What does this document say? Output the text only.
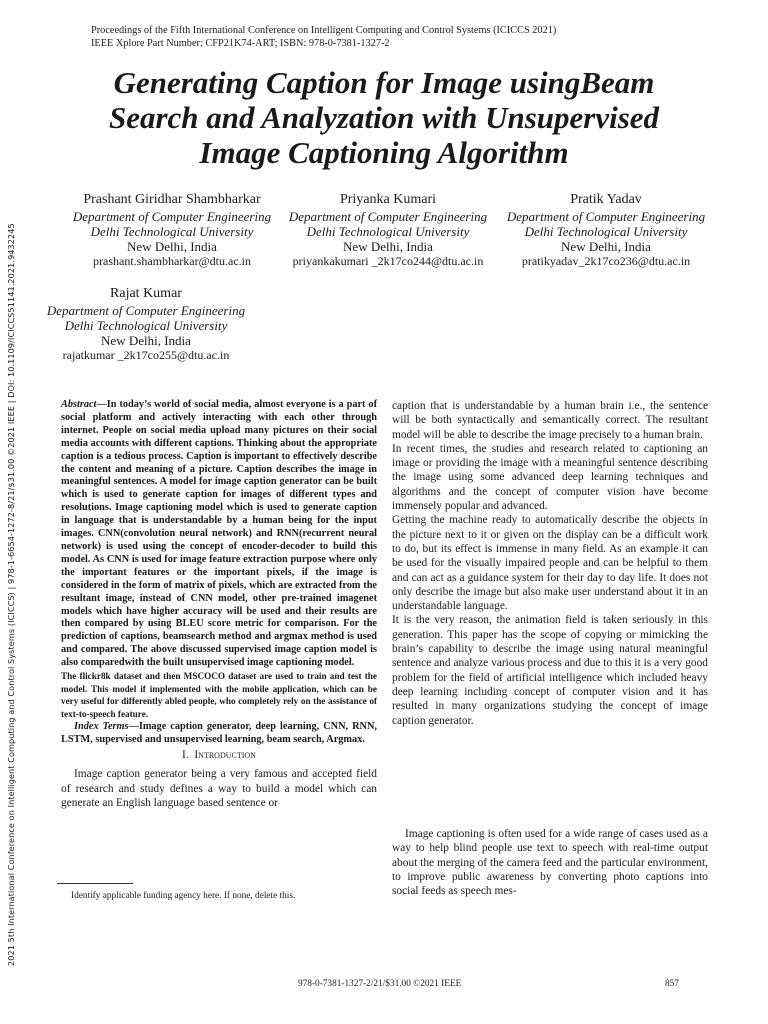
Proceedings of the Fifth International Conference on Intelligent Computing and Control Systems (ICICCS 2021)
IEEE Xplore Part Number: CFP21K74-ART; ISBN: 978-0-7381-1327-2
2021 5th International Conference on Intelligent Computing and Control Systems (ICICCS) | 978-1-6654-1272-8/21/$31.00 ©2021 IEEE | DOI: 10.1109/ICICCS51141.2021.9432245
Generating Caption for Image usingBeam
Search and Analyzation with Unsupervised
Image Captioning Algorithm
Prashant Giridhar Shambharkar
Department of Computer Engineering
Delhi Technological University
New Delhi, India
prashant.shambharkar@dtu.ac.in
Priyanka Kumari
Department of Computer Engineering
Delhi Technological University
New Delhi, India
priyankakumari _2k17co244@dtu.ac.in
Pratik Yadav
Department of Computer Engineering
Delhi Technological University
New Delhi, India
pratikyadav_2k17co236@dtu.ac.in
Rajat Kumar
Department of Computer Engineering
Delhi Technological University
New Delhi, India
rajatkumar _2k17co255@dtu.ac.in

Abstract—In today’s world of social media, almost everyone is a part of social platform and actively interacting with each other through internet. People on social media upload many pictures on their social media accounts with different captions. Thinking about the appropriate caption is a tedious process. Caption is important to effectively describe the content and meaning of a picture. Caption describes the image in meaningful sentences. A model for image caption generator can be built which is used to generate caption for images of different types and resolutions. Image captioning model which is used to generate caption in language that is understandable by a human being for the input images. CNN(convolution neural network) and RNN(recurrent neural network) is used using the concept of encoder-decoder to build this model. As CNN is used for image feature extraction purpose where only the important features or the important pixels, if the image is considered in the form of matrix of pixels, which are extracted from the resultant image, instead of CNN model, other pre-trained imagenet models which have higher accuracy will be used and their results are then compared by using BLEU score metric for comparison. For the prediction of captions, beamsearch method and argmax method is used and compared. The above discussed supervised image caption model is also comparedwith the built unsupervised image captioning model.

The flickr8k dataset and then MSCOCO dataset are used to train and test the model. This model if implemented with the mobile application, which can be very useful for differently abled people, who completely rely on the assistance of text-to-speech feature.

Index Terms—Image caption generator, deep learning, CNN, RNN, LSTM, supervised and unsupervised learning, beam search, Argmax.

I. Introduction

Image caption generator being a very famous and accepted field of research and study defines a way to build a model which can generate an English language based sentence or

Identify applicable funding agency here. If none, delete this.

caption that is understandable by a human brain i.e., the sentence will be both syntactically and semantically correct. The resultant model will be able to describe the image precisely to a human brain.

In recent times, the studies and research related to captioning an image or providing the image with a meaningful sentence describing the image using some advanced deep learning techniques and algorithms and the concept of computer vision have become immensely popular and advanced.

Getting the machine ready to automatically describe the objects in the picture next to it or given on the display can be a difficult work to do, but its effect is immense in many field. As an example it can be used for the visually impaired people and can be helpful to them and can act as a guidance system for their day to day life. It does not only describe the image but also make user understand about it in an understandable language.

It is the very reason, the animation field is taken seriously in this generation. This paper has the scope of copying or mimicking the brain’s capability to describe the image using natural meaningful sentence and analyze various process and due to this it is a very good problem for the field of artificial intelligence which included heavy deep learning including concept of computer vision and it has resulted in many organizations studying the concept of image caption generator.

Image captioning is often used for a wide range of cases used as a way to help blind people use text to speech with real-time output about the merging of the camera feed and the particular environment, to improve public awareness by converting photo captions into social feeds as speech mes-

978-0-7381-1327-2/21/$31.00 ©2021 IEEE	857
